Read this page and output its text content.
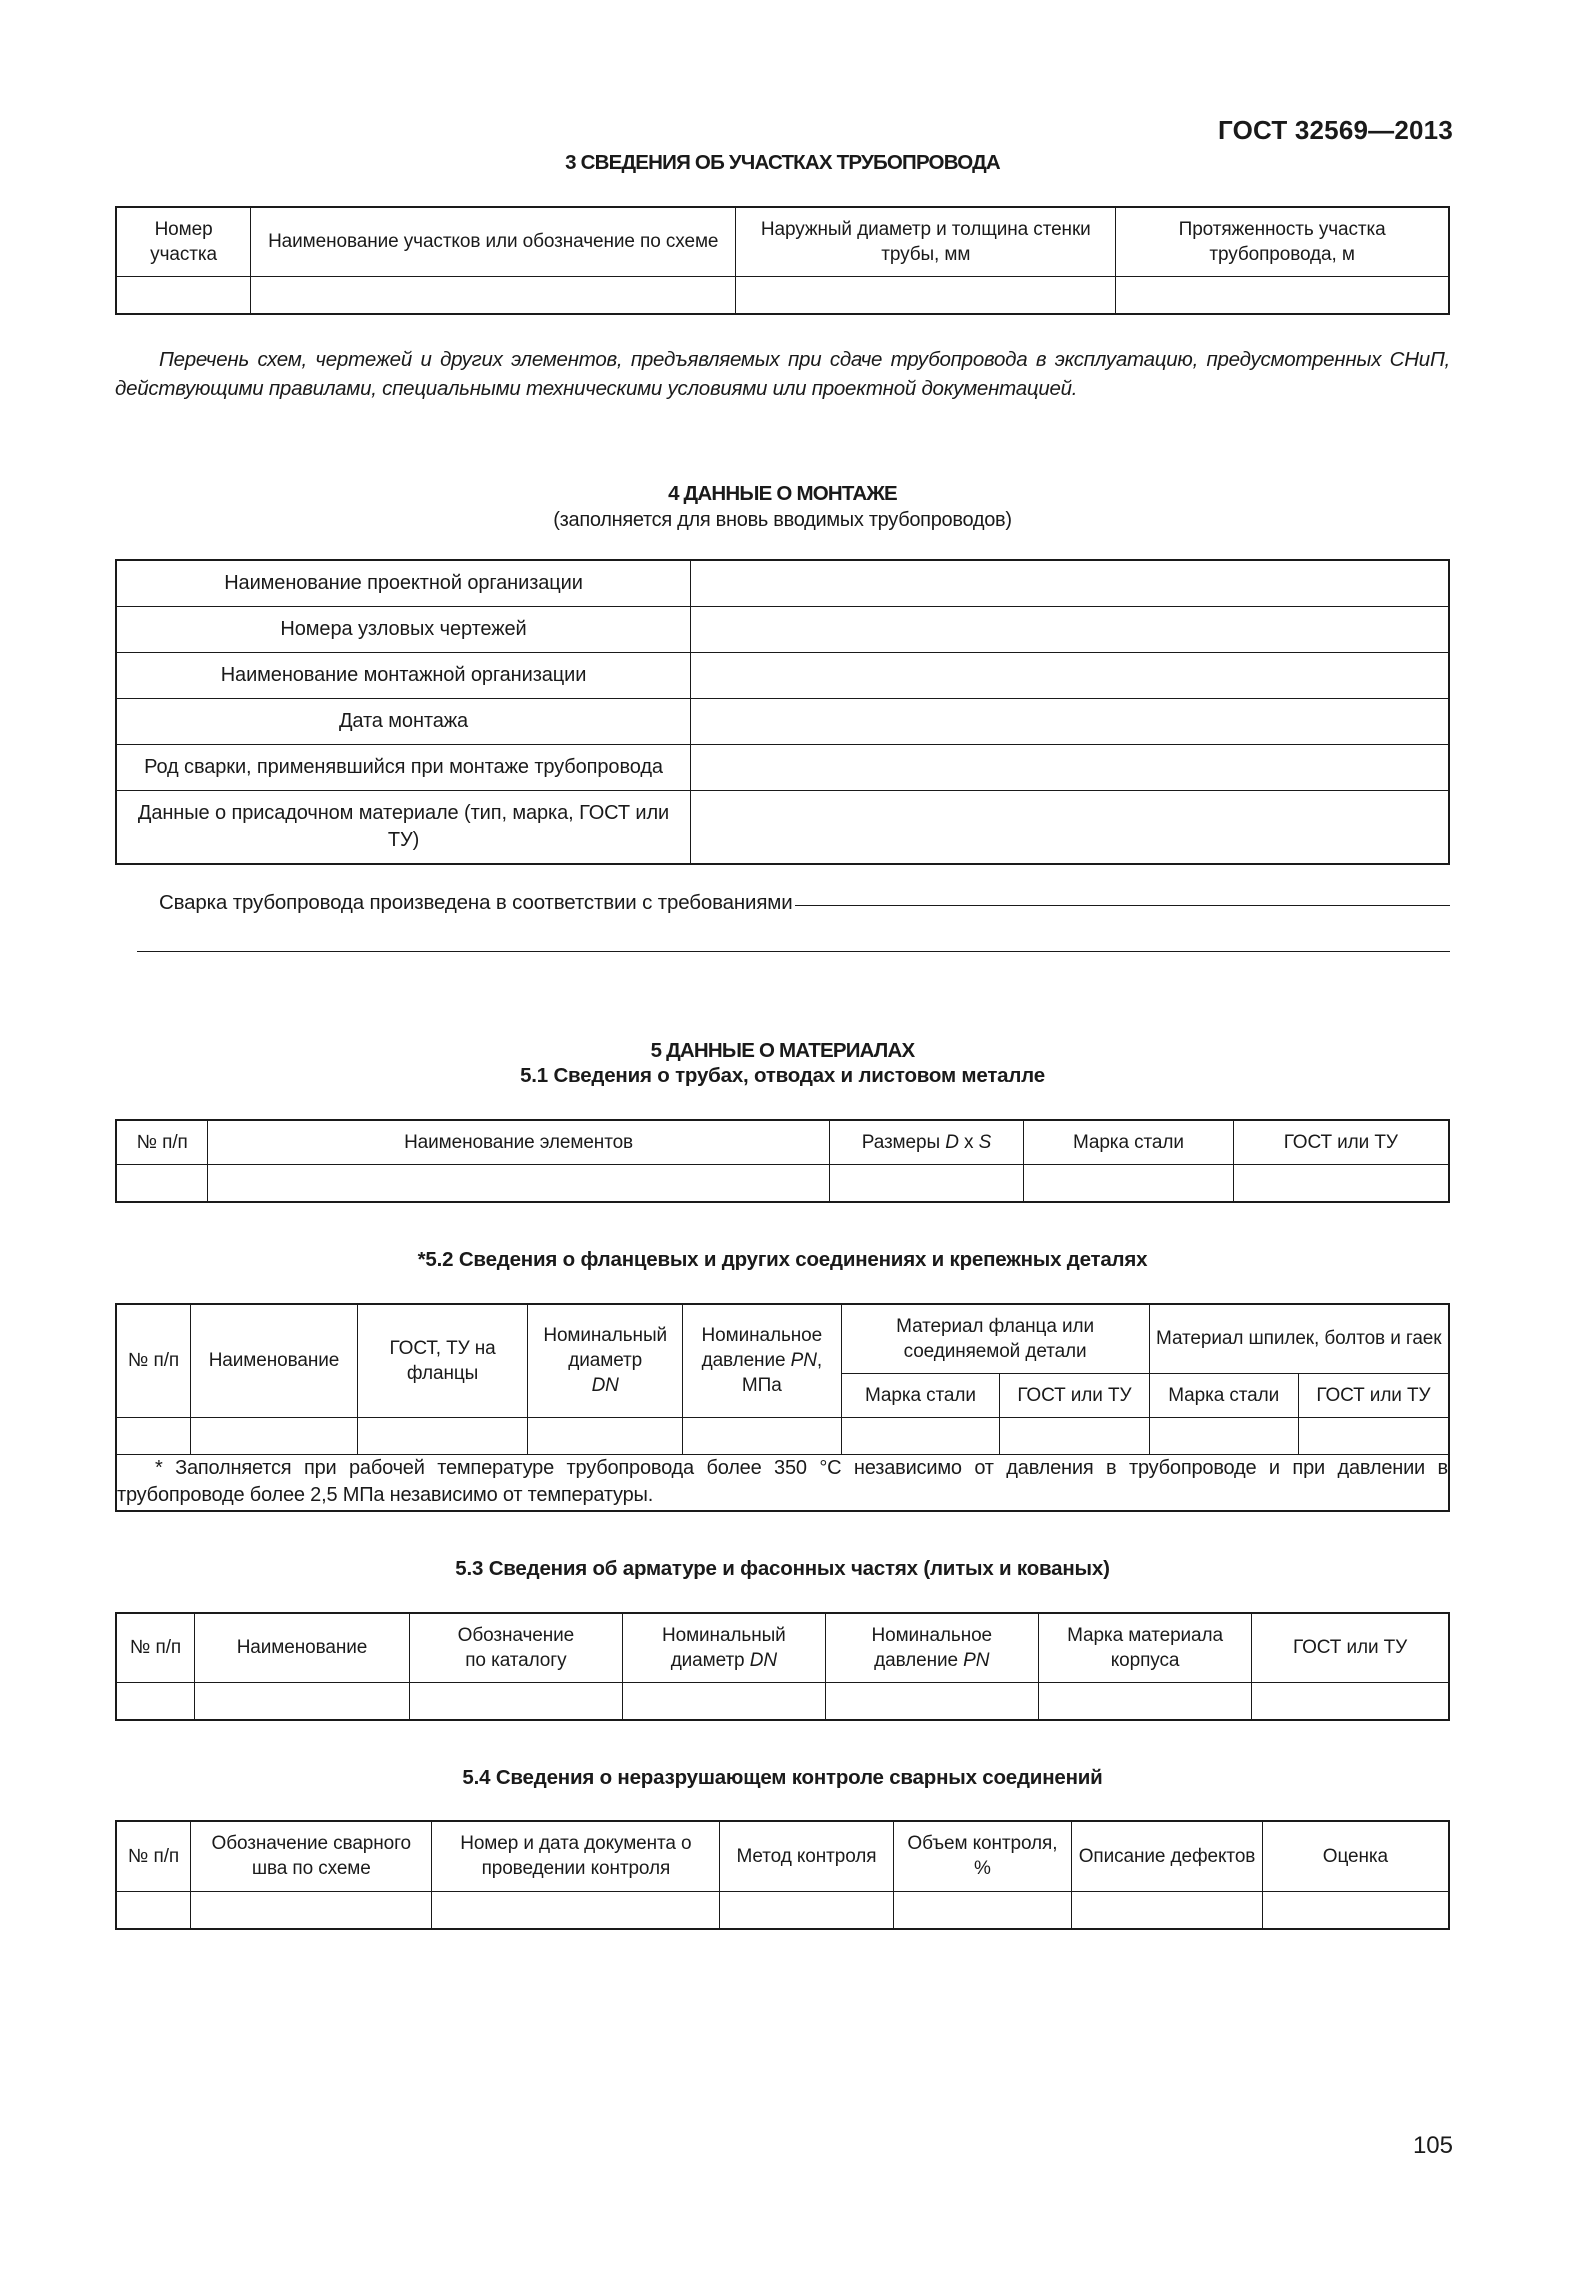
ГОСТ 32569—2013
3 СВЕДЕНИЯ ОБ УЧАСТКАХ ТРУБОПРОВОДА
Номер участка	Наименование участков или обозначение по схеме	Наружный диаметр и толщина стенки трубы, мм	Протяженность участка трубопровода, м

Перечень схем, чертежей и других элементов, предъявляемых при сдаче трубопровода в эксплуатацию, предусмотренных СНиП, действующими правилами, специальными техническими условиями или проектной документацией.
4 ДАННЫЕ О МОНТАЖЕ
(заполняется для вновь вводимых трубопроводов)
Наименование проектной организации	
Номера узловых чертежей	
Наименование монтажной организации	
Дата монтажа	
Род сварки, применявшийся при монтаже трубопровода	
Данные о присадочном материале (тип, марка, ГОСТ или ТУ)	
Сварка трубопровода произведена в соответствии с требованиями
5 ДАННЫЕ О МАТЕРИАЛАХ
5.1 Сведения о трубах, отводах и листовом металле
№ п/п	Наименование элементов	Размеры D x S	Марка стали	ГОСТ или ТУ

*5.2 Сведения о фланцевых и других соединениях и крепежных деталях
№ п/п	Наименование	ГОСТ, ТУ на фланцы	Номинальный
диаметр
DN	Номинальное
давление PN,
МПа	Материал фланца или соединяемой детали		Материал шпилек, болтов и гаек	
					Марка стали	ГОСТ или ТУ	Марка стали	ГОСТ или ТУ

* Заполняется при рабочей температуре трубопровода более 350 °С независимо от давления в трубопроводе и при давлении в трубопроводе более 2,5 МПа независимо от температуры.								
5.3 Сведения об арматуре и фасонных частях (литых и кованых)
№ п/п	Наименование	Обозначение
по каталогу	Номинальный
диаметр DN	Номинальное
давление PN	Марка материала
корпуса	ГОСТ или ТУ

5.4 Сведения о неразрушающем контроле сварных соединений
№ п/п	Обозначение сварного шва по схеме	Номер и дата документа о проведении контроля	Метод контроля	Объем контроля, %	Описание дефектов	Оценка

105
